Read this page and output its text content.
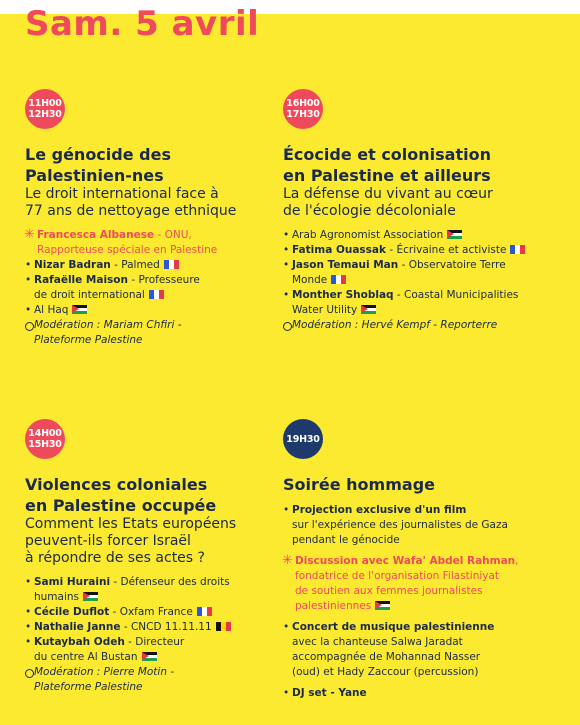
Sam. 5 avril
11H00
12H30
Le génocide des
Palestinien-nes
Le droit international face à
77 ans de nettoyage ethnique
✳ Francesca Albanese - ONU,
Rapporteuse spéciale en Palestine
• Nizar Badran - Palmed
• Rafaëlle Maison - Professeure
de droit international
• Al Haq
Modération : Mariam Chfiri -
Plateforme Palestine
16H00
17H30
Écocide et colonisation
en Palestine et ailleurs
La défense du vivant au cœur
de l'écologie décoloniale
• Arab Agronomist Association
• Fatima Ouassak - Écrivaine et activiste
• Jason Temaui Man - Observatoire Terre
Monde
• Monther Shoblaq - Coastal Municipalities
Water Utility
Modération : Hervé Kempf - Reporterre
14H00
15H30
Violences coloniales
en Palestine occupée
Comment les Etats européens
peuvent-ils forcer Israël
à répondre de ses actes ?
• Sami Huraini - Défenseur des droits
humains
• Cécile Duflot - Oxfam France
• Nathalie Janne - CNCD 11.11.11
• Kutaybah Odeh - Directeur
du centre Al Bustan
Modération : Pierre Motin -
Plateforme Palestine
19H30
Soirée hommage
• Projection exclusive d'un film
sur l'expérience des journalistes de Gaza
pendant le génocide
✳ Discussion avec Wafa' Abdel Rahman,
fondatrice de l'organisation Filastiniyat
de soutien aux femmes journalistes
palestiniennes
• Concert de musique palestinienne
avec la chanteuse Salwa Jaradat
accompagnée de Mohannad Nasser
(oud) et Hady Zaccour (percussion)
• DJ set - Yane
